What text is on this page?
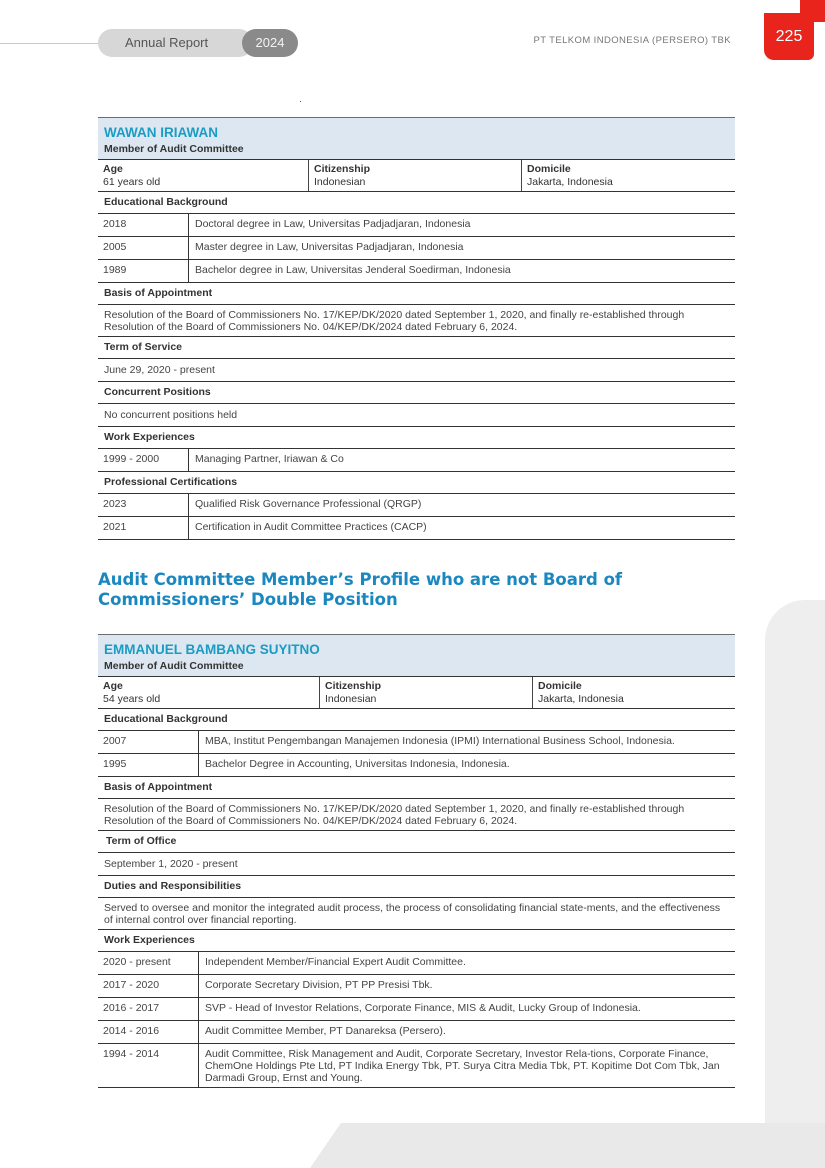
Annual Report	2024	PT TELKOM INDONESIA (PERSERO) TBK	225
WAWAN IRIAWAN
Member of Audit Committee
Age
61 years old
Citizenship
Indonesian
Domicile
Jakarta, Indonesia
Educational Background
2018	Doctoral degree in Law, Universitas Padjadjaran, Indonesia
2005	Master degree in Law, Universitas Padjadjaran, Indonesia
1989	Bachelor degree in Law, Universitas Jenderal Soedirman, Indonesia
Basis of Appointment
Resolution of the Board of Commissioners No. 17/KEP/DK/2020 dated September 1, 2020, and finally re-established through Resolution of the Board of Commissioners No. 04/KEP/DK/2024 dated February 6, 2024.
Term of Service
June 29, 2020 - present
Concurrent Positions
No concurrent positions held
Work Experiences
1999 - 2000	Managing Partner, Iriawan & Co
Professional Certifications
2023	Qualified Risk Governance Professional (QRGP)
2021	Certification in Audit Committee Practices (CACP)
Audit Committee Member’s Profile who are not Board of Commissioners’ Double Position
EMMANUEL BAMBANG SUYITNO
Member of Audit Committee
Age
54 years old
Citizenship
Indonesian
Domicile
Jakarta, Indonesia
Educational Background
2007	MBA, Institut Pengembangan Manajemen Indonesia (IPMI) International Business School, Indonesia.
1995	Bachelor Degree in Accounting, Universitas Indonesia, Indonesia.
Basis of Appointment
Resolution of the Board of Commissioners No. 17/KEP/DK/2020 dated September 1, 2020, and finally re-established through Resolution of the Board of Commissioners No. 04/KEP/DK/2024 dated February 6, 2024.
Term of Office
September 1, 2020 - present
Duties and Responsibilities
Served to oversee and monitor the integrated audit process, the process of consolidating financial state-ments, and the effectiveness of internal control over financial reporting.
Work Experiences
2020 - present	Independent Member/Financial Expert Audit Committee.
2017 - 2020	Corporate Secretary Division, PT PP Presisi Tbk.
2016 - 2017	SVP - Head of Investor Relations, Corporate Finance, MIS & Audit, Lucky Group of Indonesia.
2014 - 2016	Audit Committee Member, PT Danareksa (Persero).
1994 - 2014	Audit Committee, Risk Management and Audit, Corporate Secretary, Investor Rela-tions, Corporate Finance, ChemOne Holdings Pte Ltd, PT Indika Energy Tbk, PT. Surya Citra Media Tbk, PT. Kopitime Dot Com Tbk, Jan Darmadi Group, Ernst and Young.
